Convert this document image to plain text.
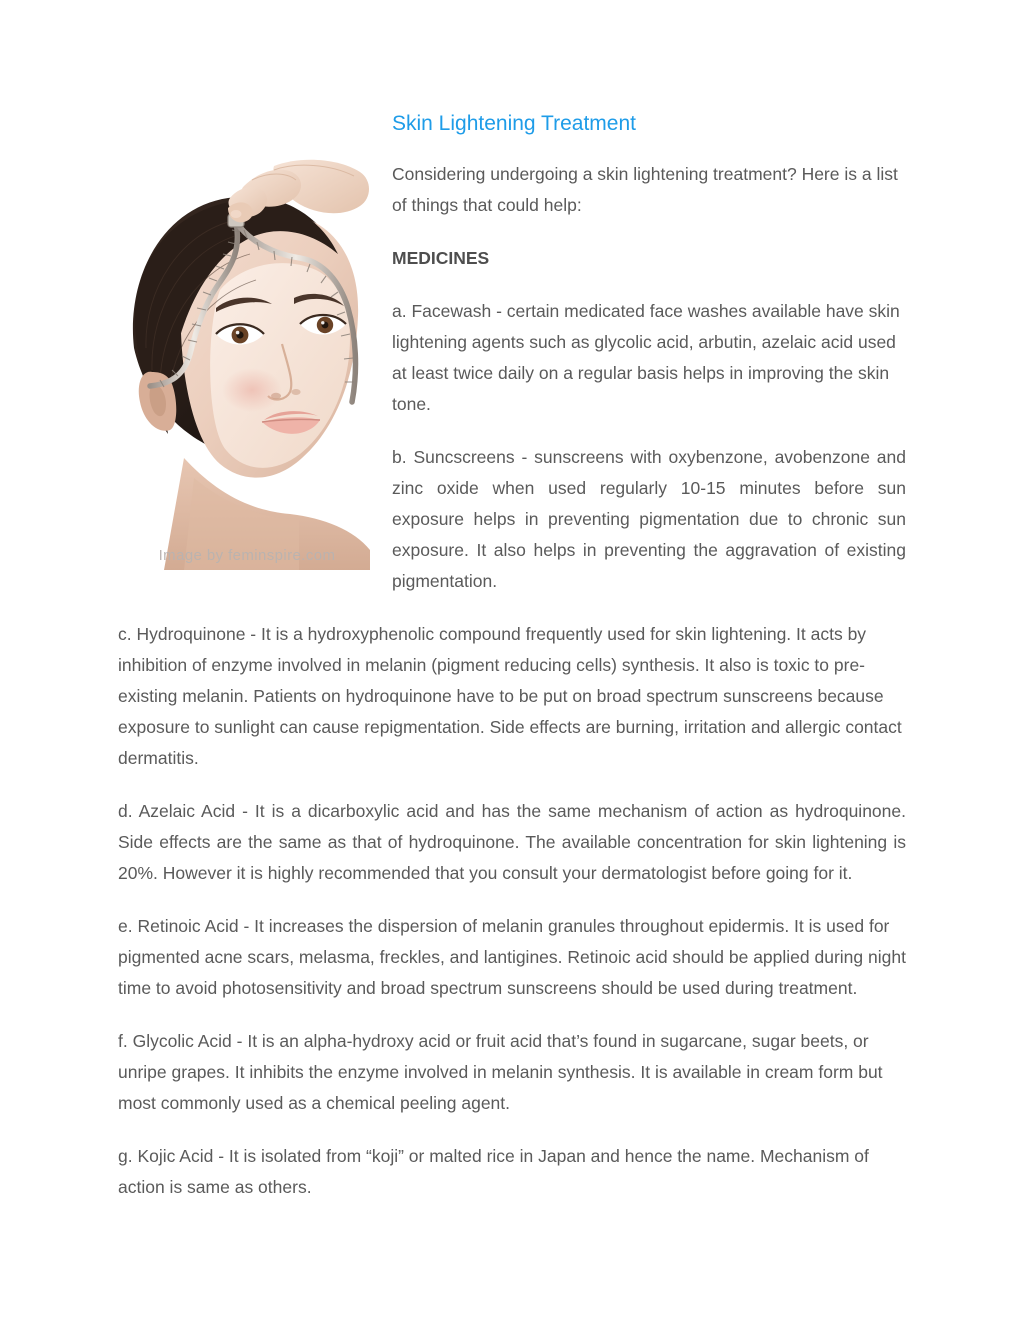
Image by feminspire.com
Skin Lightening Treatment

Considering undergoing a skin lightening treatment? Here is a list of things that could help:

MEDICINES

a. Facewash - certain medicated face washes available have skin lightening agents such as glycolic acid, arbutin, azelaic acid used at least twice daily on a regular basis helps in improving the skin tone.

b. Suncscreens - sunscreens with oxybenzone, avobenzone and zinc oxide when used regularly 10-15 minutes before sun exposure helps in preventing pigmentation due to chronic sun exposure. It also helps in preventing the aggravation of existing pigmentation.

c. Hydroquinone - It is a hydroxyphenolic compound frequently used for skin lightening. It acts by inhibition of enzyme involved in melanin (pigment reducing cells) synthesis. It also is toxic to pre-existing melanin. Patients on hydroquinone have to be put on broad spectrum sunscreens because exposure to sunlight can cause repigmentation. Side effects are burning, irritation and allergic contact dermatitis.

d. Azelaic Acid - It is a dicarboxylic acid and has the same mechanism of action as hydroquinone. Side effects are the same as that of hydroquinone. The available concentration for skin lightening is 20%. However it is highly recommended that you consult your dermatologist before going for it.

e. Retinoic Acid - It increases the dispersion of melanin granules throughout epidermis. It is used for pigmented acne scars, melasma, freckles, and lantigines. Retinoic acid should be applied during night time to avoid photosensitivity and broad spectrum sunscreens should be used during treatment.

f. Glycolic Acid - It is an alpha-hydroxy acid or fruit acid that’s found in sugarcane, sugar beets, or unripe grapes. It inhibits the enzyme involved in melanin synthesis. It is available in cream form but most commonly used as a chemical peeling agent.

g. Kojic Acid - It is isolated from “koji” or malted rice in Japan and hence the name. Mechanism of action is same as others.
